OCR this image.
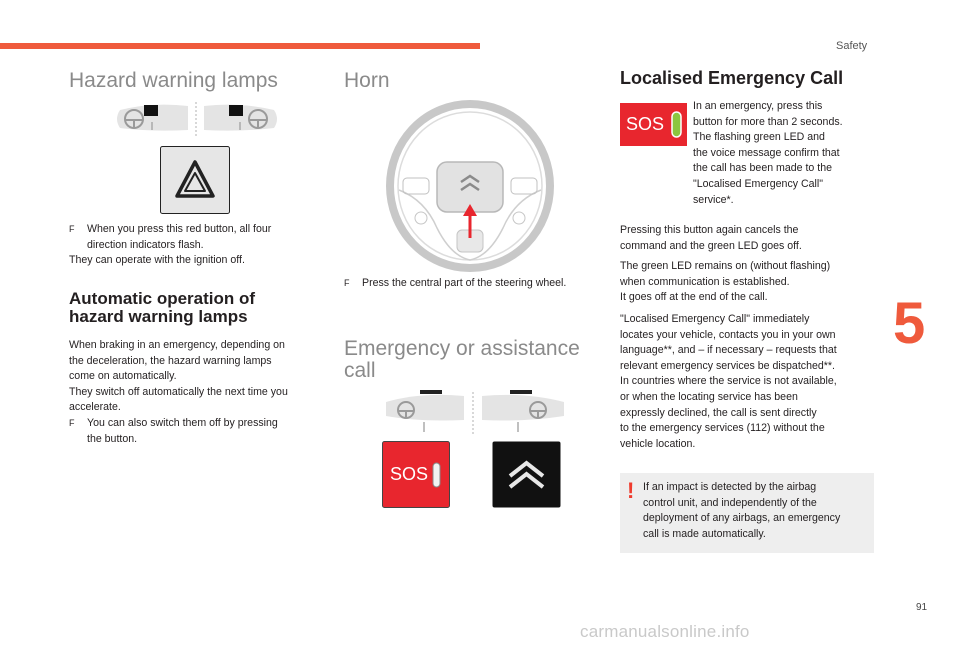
Safety
5
91
carmanualsonline.info
Hazard warning lamps
F When you press this red button, all four
direction indicators flash.
They can operate with the ignition off.
Automatic operation of
hazard warning lamps
When braking in an emergency, depending on
the deceleration, the hazard warning lamps
come on automatically.
They switch off automatically the next time you
accelerate.
F You can also switch them off by pressing
the button.
Horn
F Press the central part of the steering wheel.
Emergency or assistance
call
SOS
Localised Emergency Call
SOS
In an emergency, press this
button for more than 2 seconds.
The flashing green LED and
the voice message confirm that
the call has been made to the
"Localised Emergency Call"
service*.
Pressing this button again cancels the
command and the green LED goes off.
The green LED remains on (without flashing)
when communication is established.
It goes off at the end of the call.
"Localised Emergency Call" immediately
locates your vehicle, contacts you in your own
language**, and – if necessary – requests that
relevant emergency services be dispatched**.
In countries where the service is not available,
or when the locating service has been
expressly declined, the call is sent directly
to the emergency services (112) without the
vehicle location.
! If an impact is detected by the airbag
control unit, and independently of the
deployment of any airbags, an emergency
call is made automatically.
